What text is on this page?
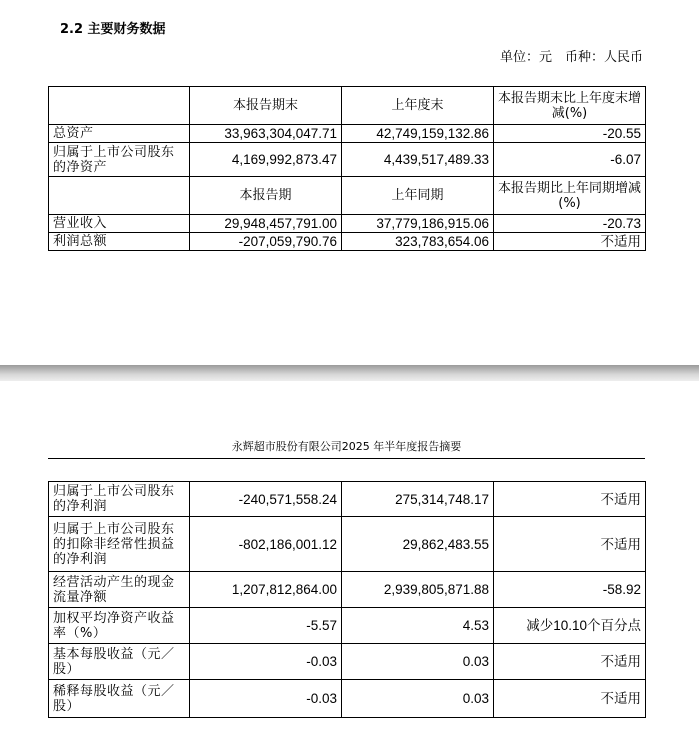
2.2 主要财务数据
单位：元　币种：人民币
	本报告期末	上年度末	本报告期末比上年度末增减(%)
总资产	33,963,304,047.71	42,749,159,132.86	-20.55
归属于上市公司股东的净资产	4,169,992,873.47	4,439,517,489.33	-6.07
	本报告期	上年同期	本报告期比上年同期增减(%)
营业收入	29,948,457,791.00	37,779,186,915.06	-20.73
利润总额	-207,059,790.76	323,783,654.06	不适用
永辉超市股份有限公司2025 年半年度报告摘要
归属于上市公司股东的净利润	-240,571,558.24	275,314,748.17	不适用
归属于上市公司股东的扣除非经常性损益的净利润	-802,186,001.12	29,862,483.55	不适用
经营活动产生的现金流量净额	1,207,812,864.00	2,939,805,871.88	-58.92
加权平均净资产收益率（%）	-5.57	4.53	减少10.10个百分点
基本每股收益（元／股）	-0.03	0.03	不适用
稀释每股收益（元／股）	-0.03	0.03	不适用
